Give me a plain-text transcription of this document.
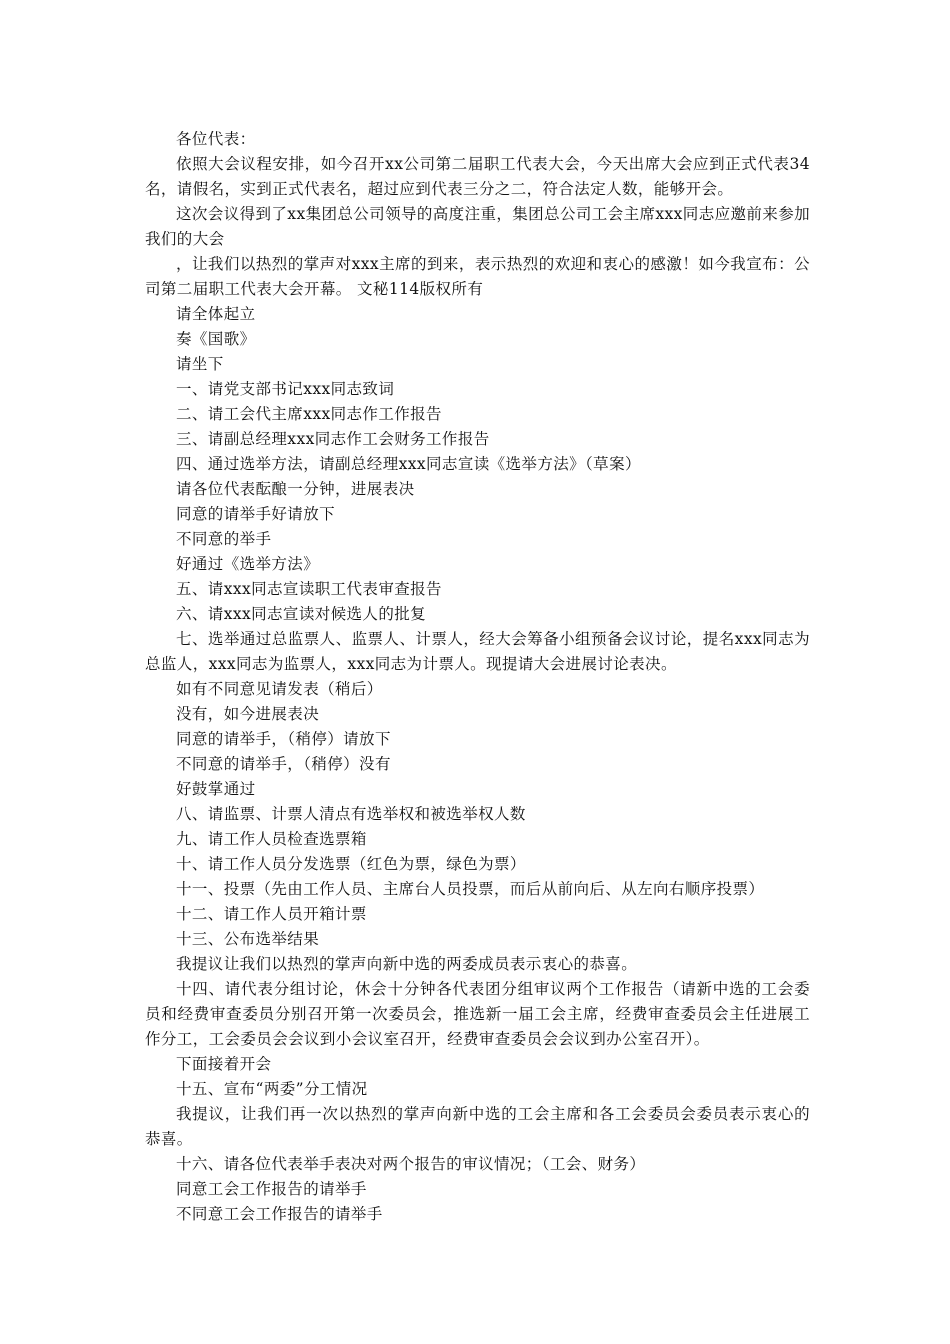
各位代表：

依照大会议程安排，如今召开xx公司第二届职工代表大会，今天出席大会应到正式代表34名，请假名，实到正式代表名，超过应到代表三分之二，符合法定人数，能够开会。

这次会议得到了xx集团总公司领导的高度注重，集团总公司工会主席xxx同志应邀前来参加我们的大会

，让我们以热烈的掌声对xxx主席的到来，表示热烈的欢迎和衷心的感激！如今我宣布：公司第二届职工代表大会开幕。 文秘114版权所有

请全体起立

奏《国歌》

请坐下

一、请党支部书记xxx同志致词

二、请工会代主席xxx同志作工作报告

三、请副总经理xxx同志作工会财务工作报告

四、通过选举方法，请副总经理xxx同志宣读《选举方法》（草案）

请各位代表酝酿一分钟，进展表决

同意的请举手好请放下

不同意的举手

好通过《选举方法》

五、请xxx同志宣读职工代表审查报告

六、请xxx同志宣读对候选人的批复

七、选举通过总监票人、监票人、计票人，经大会筹备小组预备会议讨论，提名xxx同志为总监人，xxx同志为监票人，xxx同志为计票人。现提请大会进展讨论表决。

如有不同意见请发表（稍后）

没有，如今进展表决

同意的请举手，（稍停）请放下

不同意的请举手，（稍停）没有

好鼓掌通过

八、请监票、计票人清点有选举权和被选举权人数

九、请工作人员检查选票箱

十、请工作人员分发选票（红色为票，绿色为票）

十一、投票（先由工作人员、主席台人员投票，而后从前向后、从左向右顺序投票）

十二、请工作人员开箱计票

十三、公布选举结果

我提议让我们以热烈的掌声向新中选的两委成员表示衷心的恭喜。

十四、请代表分组讨论，休会十分钟各代表团分组审议两个工作报告（请新中选的工会委员和经费审查委员分别召开第一次委员会，推选新一届工会主席，经费审查委员会主任进展工作分工，工会委员会会议到小会议室召开，经费审查委员会会议到办公室召开）。

下面接着开会

十五、宣布“两委”分工情况

我提议，让我们再一次以热烈的掌声向新中选的工会主席和各工会委员会委员表示衷心的恭喜。

十六、请各位代表举手表决对两个报告的审议情况；（工会、财务）

同意工会工作报告的请举手

不同意工会工作报告的请举手
